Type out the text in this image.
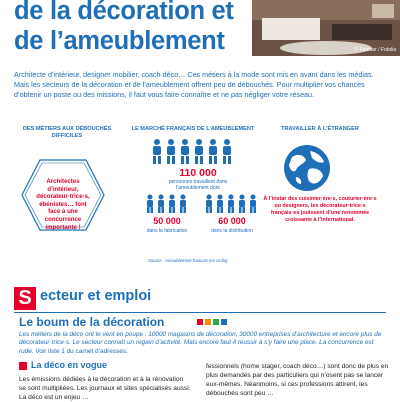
de la décoration et
de l’ameublement	© Fotoaer / Fotolia
Architecte d’intérieur, designer mobilier, coach déco… Ces métiers à la mode sont mis en avant dans les médias. Mais les secteurs de la décoration et de l’ameublement offrent peu de débouchés. Pour multiplier vos chances d’obtenir un poste ou des missions, il faut vous faire connaître et ne pas négliger votre réseau.
DES MÉTIERS AUX DÉBOUCHÉS DIFFICILES
Architectes d’intérieur, décorateur·trice·s, ébénistes… font face à une concurrence importante !
LE MARCHÉ FRANÇAIS DE L’AMEUBLEMENT
110 000
personnes travaillent dans l’ameublement dont
50 000
dans la fabrication
60 000
dans la distribution
Source : Ameublement français (ex Unifa)
TRAVAILLER À L’ÉTRANGER
À l’instar des cuisinier·ère·s, couturier·ère·s ou designers, les décorateur·trice·s français·es jouissent d’une renommée croissante à l’international.
S ecteur et emploi
Le boum de la décoration
Les métiers de la déco ont le vent en poupe : 10000 magasins de décoration, 30000 entreprises d’architecture et encore plus de décorateur·trice·s. Le secteur connaît un regain d’activité. Mais encore faut-il réussir à s’y faire une place. La concurrence est rude. Voir liste 1 du carnet d’adresses.
La déco en vogue
Les émissions dédiées à la décoration et à la rénovation se sont multipliées. Les journaux et sites spécialisés aussi. La déco est un enjeu …
fessionnels (home stager, coach déco…) sont donc de plus en plus demandés par des particuliers qui n’osent pas se lancer eux-mêmes. Néanmoins, si ces professions attirent, les débouchés sont peu …
